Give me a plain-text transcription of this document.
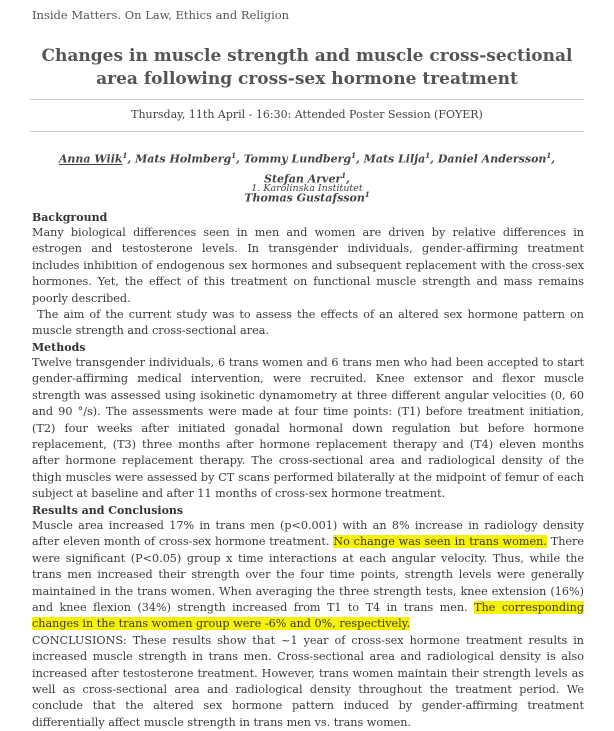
Inside Matters. On Law, Ethics and Religion
Changes in muscle strength and muscle cross-sectional area following cross-sex hormone treatment
Thursday, 11th April - 16:30: Attended Poster Session (FOYER)
Anna Wiik$^1$, Mats Holmberg$^1$, Tommy Lundberg$^1$, Mats Lilja$^1$, Daniel Andersson$^1$, Stefan Arver$^1$,
Thomas Gustafsson$^1$
1. Karolinska Institutet
Background

Many biological differences seen in men and women are driven by relative differences in estrogen and testosterone levels. In transgender individuals, gender-affirming treatment includes inhibition of endogenous sex hormones and subsequent replacement with the cross-sex hormones. Yet, the effect of this treatment on functional muscle strength and mass remains poorly described.

The aim of the current study was to assess the effects of an altered sex hormone pattern on muscle strength and cross-sectional area.

Methods
Twelve transgender individuals, 6 trans women and 6 trans men who had been accepted to start gender-affirming medical intervention, were recruited. Knee extensor and flexor muscle strength was assessed using isokinetic dynamometry at three different angular velocities (0, 60 and 90 °/s). The assessments were made at four time points: (T1) before treatment initiation, (T2) four weeks after initiated gonadal hormonal down regulation but before hormone replacement, (T3) three months after hormone replacement therapy and (T4) eleven months after hormone replacement therapy. The cross-sectional area and radiological density of the thigh muscles were assessed by CT scans performed bilaterally at the midpoint of femur of each subject at baseline and after 11 months of cross-sex hormone treatment.
Results and Conclusions

Muscle area increased 17% in trans men (p<0.001) with an 8% increase in radiology density after eleven month of cross-sex hormone treatment. No change was seen in trans women. There were significant (P<0.05) group x time interactions at each angular velocity. Thus, while the trans men increased their strength over the four time points, strength levels were generally maintained in the trans women. When averaging the three strength tests, knee extension (16%) and knee flexion (34%) strength increased from T1 to T4 in trans men. The corresponding changes in the trans women group were -6% and 0%, respectively.

CONCLUSIONS: These results show that ~1 year of cross-sex hormone treatment results in increased muscle strength in trans men. Cross-sectional area and radiological density is also increased after testosterone treatment. However, trans women maintain their strength levels as well as cross-sectional area and radiological density throughout the treatment period. We conclude that the altered sex hormone pattern induced by gender-affirming treatment differentially affect muscle strength in trans men vs. trans women.
